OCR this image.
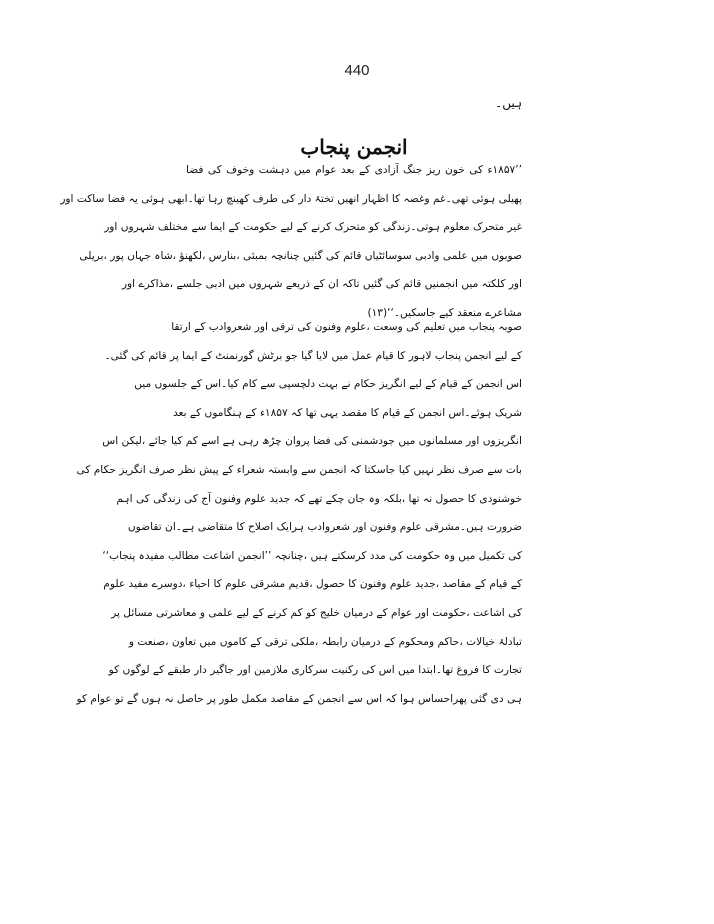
440
ہیں۔
انجمن پنجاب
’’۱۸۵۷ء کی خون ریز جنگ آزادی کے بعد عوام میں دہشت وخوف کی فضا
پھیلی ہوئی تھی۔غم وغصہ کا اظہار انھیں تختۂ دار کی طرف کھینچ رہا تھا۔ابھی ہوئی یہ فضا ساکت اور
غیر متحرک معلوم ہوتی۔زندگی کو متحرک کرنے کے لیے حکومت کے ایما سے مختلف شہروں اور
صوبوں میں علمی وادبی سوسائٹیاں قائم کی گئیں چنانچہ بمبئی ،بنارس ،لکھنؤ ،شاہ جہاں پور ،بریلی
اور کلکتہ میں انجمنیں قائم کی گئیں تاکہ ان کے ذریعے شہروں میں ادبی جلسے ،مذاکرے اور
مشاعرے منعقد کیے جاسکیں۔‘‘(۱۳)
صوبہ پنجاب میں تعلیم کی وسعت ،علوم وفنون کی ترقی اور شعروادب کے ارتقا
کے لیے انجمن پنجاب لاہور کا قیام عمل میں لایا گیا جو برٹش گورنمنٹ کے ایما پر قائم کی گئی۔
اس انجمن کے قیام کے لیے انگریز حکام نے بہت دلچسپی سے کام کیا۔اس کے جلسوں میں
شریک ہوئے۔اس انجمن کے قیام کا مقصد یہی تھا کہ ۱۸۵۷ء کے ہنگاموں کے بعد
انگریزوں اور مسلمانوں میں جودشمنی کی فضا پروان چڑھ رہی ہے اسے کم کیا جائے ،لیکن اس
بات سے صرف نظر نہیں کیا جاسکتا کہ انجمن سے وابستہ شعراء کے پیش نظر صرف انگریز حکام کی
خوشنودی کا حصول نہ تھا ،بلکہ وہ جان چکے تھے کہ جدید علوم وفنون آج کی زندگی کی اہم
ضرورت ہیں۔مشرقی علوم وفنون اور شعروادب ہرایک اصلاح کا متقاضی ہے۔ان تقاضوں
کی تکمیل میں وہ حکومت کی مدد کرسکتے ہیں ،چنانچہ ’’انجمن اشاعت مطالب مفیدہ پنجاب‘‘
کے قیام کے مقاصد ،جدید علوم وفنون کا حصول ،قدیم مشرقی علوم کا احیاء ،دوسرے مفید علوم
کی اشاعت ،حکومت اور عوام کے درمیان خلیج کو کم کرنے کے لیے علمی و معاشرتی مسائل پر
تبادلۂ خیالات ،حاکم ومحکوم کے درمیان رابطہ ،ملکی ترقی کے کاموں میں تعاون ،صنعت و
تجارت کا فروغ تھا۔ابتدا میں اس کی رکنیت سرکاری ملازمین اور جاگیر دار طبقے کے لوگوں کو
ہی دی گئی پھراحساس ہوا کہ اس سے انجمن کے مقاصد مکمل طور پر حاصل نہ ہوں گے تو عوام کو
